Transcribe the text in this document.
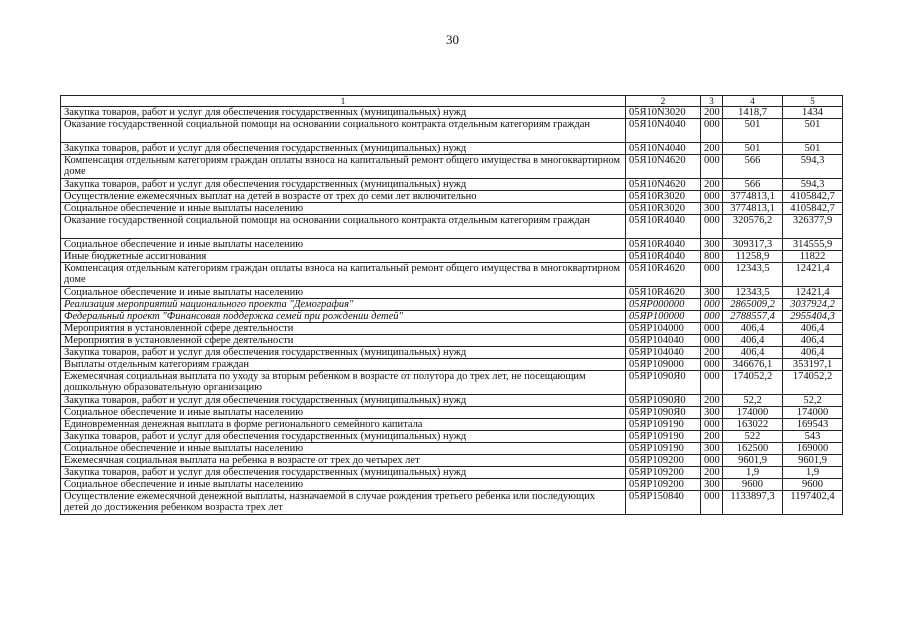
30
1	2	3	4	5
Закупка товаров, работ и услуг для обеспечения государственных (муниципальных) нужд	05Я10N3020	200	1418,7	1434
Оказание государственной социальной помощи на основании социального контракта отдельным категориям граждан	05Я10N4040	000	501	501
Закупка товаров, работ и услуг для обеспечения государственных (муниципальных) нужд	05Я10N4040	200	501	501
Компенсация отдельным категориям граждан оплаты взноса на капитальный ремонт общего имущества в многоквартирном доме	05Я10N4620	000	566	594,3
Закупка товаров, работ и услуг для обеспечения государственных (муниципальных) нужд	05Я10N4620	200	566	594,3
Осуществление ежемесячных выплат на детей в возрасте от трех до семи лет включительно	05Я10R3020	000	3774813,1	4105842,7
Социальное обеспечение и иные выплаты населению	05Я10R3020	300	3774813,1	4105842,7
Оказание государственной социальной помощи на основании социального контракта отдельным категориям граждан	05Я10R4040	000	320576,2	326377,9
Социальное обеспечение и иные выплаты населению	05Я10R4040	300	309317,3	314555,9
Иные бюджетные ассигнования	05Я10R4040	800	11258,9	11822
Компенсация отдельным категориям граждан оплаты взноса на капитальный ремонт общего имущества в многоквартирном доме	05Я10R4620	000	12343,5	12421,4
Социальное обеспечение и иные выплаты населению	05Я10R4620	300	12343,5	12421,4
Реализация мероприятий национального проекта "Демография"	05ЯР000000	000	2865009,2	3037924,2
Федеральный проект "Финансовая поддержка семей при рождении детей"	05ЯР100000	000	2788557,4	2955404,3
Мероприятия в установленной сфере деятельности	05ЯР104000	000	406,4	406,4
Мероприятия в установленной сфере деятельности	05ЯР104040	000	406,4	406,4
Закупка товаров, работ и услуг для обеспечения государственных (муниципальных) нужд	05ЯР104040	200	406,4	406,4
Выплаты отдельным категориям граждан	05ЯР109000	000	346676,1	353197,1
Ежемесячная социальная выплата по уходу за вторым ребенком в возрасте от полутора до трех лет, не посещающим дошкольную образовательную организацию	05ЯР1090Я0	000	174052,2	174052,2
Закупка товаров, работ и услуг для обеспечения государственных (муниципальных) нужд	05ЯР1090Я0	200	52,2	52,2
Социальное обеспечение и иные выплаты населению	05ЯР1090Я0	300	174000	174000
Единовременная денежная выплата в форме регионального семейного капитала	05ЯР109190	000	163022	169543
Закупка товаров, работ и услуг для обеспечения государственных (муниципальных) нужд	05ЯР109190	200	522	543
Социальное обеспечение и иные выплаты населению	05ЯР109190	300	162500	169000
Ежемесячная социальная выплата на ребенка в возрасте от трех до четырех лет	05ЯР109200	000	9601,9	9601,9
Закупка товаров, работ и услуг для обеспечения государственных (муниципальных) нужд	05ЯР109200	200	1,9	1,9
Социальное обеспечение и иные выплаты населению	05ЯР109200	300	9600	9600
Осуществление ежемесячной денежной выплаты, назначаемой в случае рождения третьего ребенка или последующих детей до достижения ребенком возраста трех лет	05ЯР150840	000	1133897,3	1197402,4
